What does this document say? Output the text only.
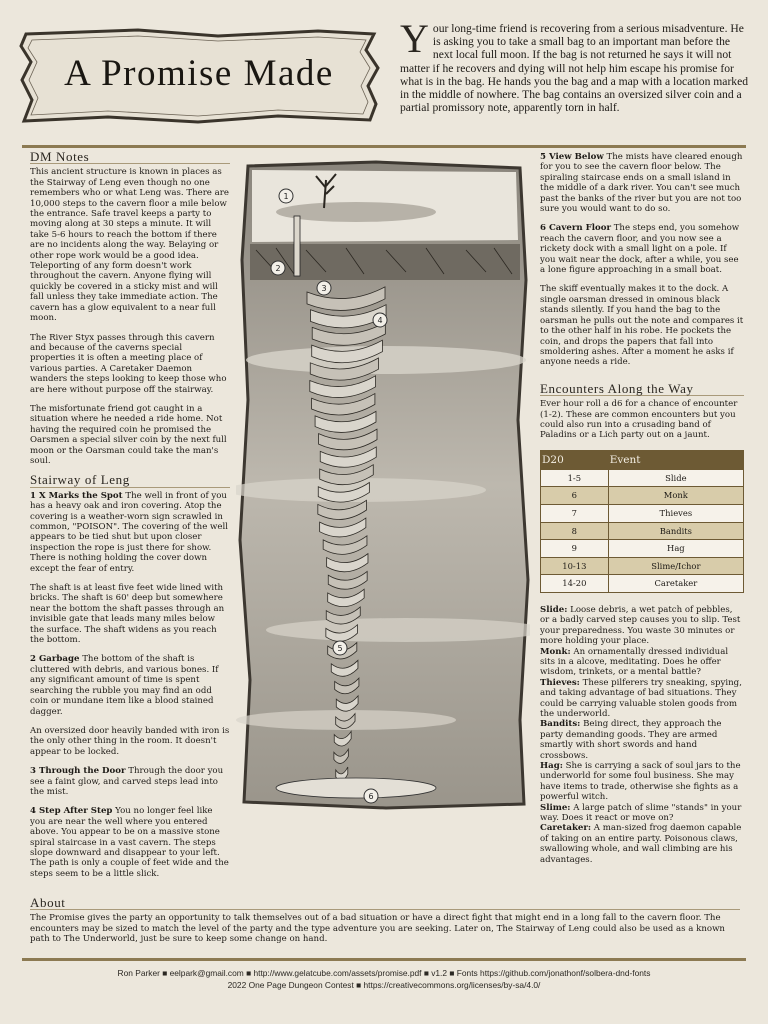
A Promise Made
Your long-time friend is recovering from a serious misadventure. He is asking you to take a small bag to an important man before the next local full moon. If the bag is not returned he says it will not matter if he recovers and dying will not help him escape his promise for what is in the bag. He hands you the bag and a map with a location marked in the middle of nowhere. The bag contains an oversized silver coin and a partial promissory note, apparently torn in half.
DM Notes

This ancient structure is known in places as the Stairway of Leng even though no one remembers who or what Leng was. There are 10,000 steps to the cavern floor a mile below the entrance. Safe travel keeps a party to moving along at 30 steps a minute. It will take 5-6 hours to reach the bottom if there are no incidents along the way. Belaying or other rope work would be a good idea. Teleporting of any form doesn't work throughout the cavern. Anyone flying will quickly be covered in a sticky mist and will fall unless they take immediate action. The cavern has a glow equivalent to a near full moon.

The River Styx passes through this cavern and because of the caverns special properties it is often a meeting place of various parties. A Caretaker Daemon wanders the steps looking to keep those who are here without purpose off the stairway.

The misfortunate friend got caught in a situation where he needed a ride home. Not having the required coin he promised the Oarsmen a special silver coin by the next full moon or the Oarsman could take the man's soul.

Stairway of Leng

1 X Marks the Spot The well in front of you has a heavy oak and iron covering. Atop the covering is a weather-worn sign scrawled in common, "POISON". The covering of the well appears to be tied shut but upon closer inspection the rope is just there for show. There is nothing holding the cover down except the fear of entry.

The shaft is at least five feet wide lined with bricks. The shaft is 60' deep but somewhere near the bottom the shaft passes through an invisible gate that leads many miles below the surface. The shaft widens as you reach the bottom.

2 Garbage The bottom of the shaft is cluttered with debris, and various bones. If any significant amount of time is spent searching the rubble you may find an odd coin or mundane item like a blood stained dagger.

An oversized door heavily banded with iron is the only other thing in the room. It doesn't appear to be locked.

3 Through the Door Through the door you see a faint glow, and carved steps lead into the mist.

4 Step After Step You no longer feel like you are near the well where you entered above. You appear to be on a massive stone spiral staircase in a vast cavern. The steps slope downward and disappear to your left. The path is only a couple of feet wide and the steps seem to be a little slick.

1
2
3
4
5
6

5 View Below The mists have cleared enough for you to see the cavern floor below. The spiraling staircase ends on a small island in the middle of a dark river. You can't see much past the banks of the river but you are not too sure you would want to do so.

6 Cavern Floor The steps end, you somehow reach the cavern floor, and you now see a rickety dock with a small light on a pole. If you wait near the dock, after a while, you see a lone figure approaching in a small boat.

The skiff eventually makes it to the dock. A single oarsman dressed in ominous black stands silently. If you hand the bag to the oarsman he pulls out the note and compares it to the other half in his robe. He pockets the coin, and drops the papers that fall into smoldering ashes. After a moment he asks if anyone needs a ride.

Encounters Along the Way

Ever hour roll a d6 for a chance of encounter (1-2). These are common encounters but you could also run into a crusading band of Paladins or a Lich party out on a jaunt.

D20	Event
1-5	Slide
6	Monk
7	Thieves
8	Bandits
9	Hag
10-13	Slime/Ichor
14-20	Caretaker
Slide: Loose debris, a wet patch of pebbles, or a badly carved step causes you to slip. Test your preparedness. You waste 30 minutes or more holding your place.
Monk: An ornamentally dressed individual sits in a alcove, meditating. Does he offer wisdom, trinkets, or a mental battle?
Thieves: These pilferers try sneaking, spying, and taking advantage of bad situations. They could be carrying valuable stolen goods from the underworld.
Bandits: Being direct, they approach the party demanding goods. They are armed smartly with short swords and hand crossbows.
Hag: She is carrying a sack of soul jars to the underworld for some foul business. She may have items to trade, otherwise she fights as a powerful witch.
Slime: A large patch of slime "stands" in your way. Does it react or move on?
Caretaker: A man-sized frog daemon capable of taking on an entire party. Poisonous claws, swallowing whole, and wall climbing are his advantages.
About
The Promise gives the party an opportunity to talk themselves out of a bad situation or have a direct fight that might end in a long fall to the cavern floor. The encounters may be sized to match the level of the party and the type adventure you are seeking. Later on, The Stairway of Leng could also be used as a known path to The Underworld, just be sure to keep some change on hand.
Ron Parker ■ eelpark@gmail.com ■ http://www.gelatcube.com/assets/promise.pdf ■ v1.2 ■ Fonts https://github.com/jonathonf/solbera-dnd-fonts
2022 One Page Dungeon Contest ■ https://creativecommons.org/licenses/by-sa/4.0/
